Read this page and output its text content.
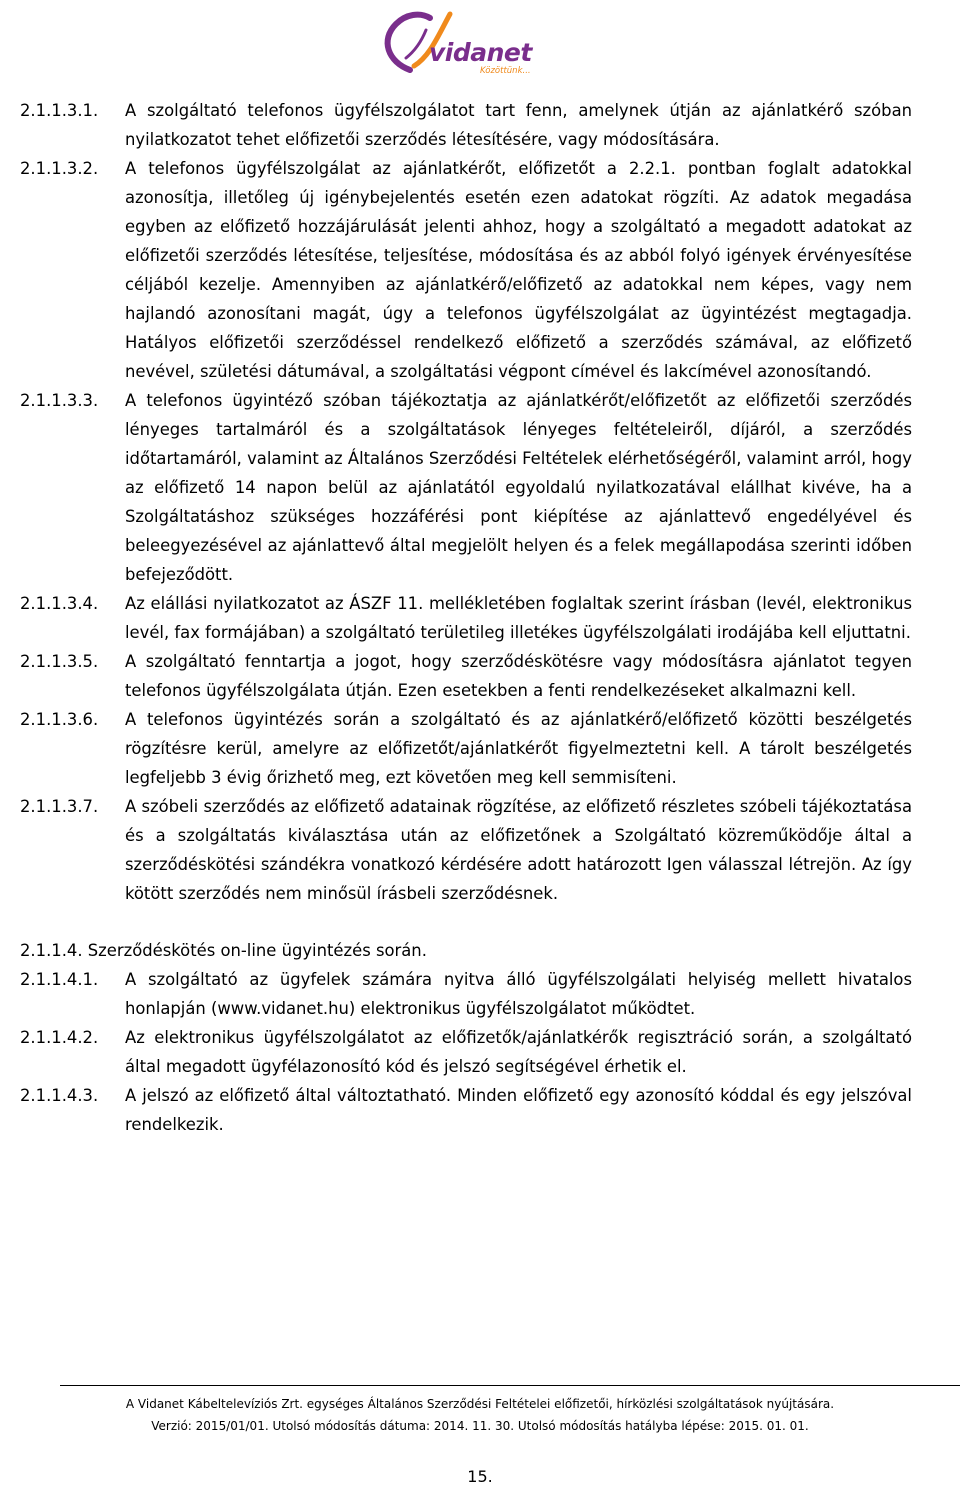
vidanet
Közöttünk...
2.1.1.3.1.	A szolgáltató telefonos ügyfélszolgálatot tart fenn, amelynek útján az ajánlatkérő szóban nyilatkozatot tehet előfizetői szerződés létesítésére, vagy módosítására.
2.1.1.3.2.	A telefonos ügyfélszolgálat az ajánlatkérőt, előfizetőt a 2.2.1. pontban foglalt adatokkal azonosítja, illetőleg új igénybejelentés esetén ezen adatokat rögzíti. Az adatok megadása egyben az előfizető hozzájárulását jelenti ahhoz, hogy a szolgáltató a megadott adatokat az előfizetői szerződés létesítése, teljesítése, módosítása és az abból folyó igények érvényesítése céljából kezelje. Amennyiben az ajánlatkérő/előfizető az adatokkal nem képes, vagy nem hajlandó azonosítani magát, úgy a telefonos ügyfélszolgálat az ügyintézést megtagadja. Hatályos előfizetői szerződéssel rendelkező előfizető a szerződés számával, az előfizető nevével, születési dátumával, a szolgáltatási végpont címével és lakcímével azonosítandó.
2.1.1.3.3.	A telefonos ügyintéző szóban tájékoztatja az ajánlatkérőt/előfizetőt az előfizetői szerződés lényeges tartalmáról és a szolgáltatások lényeges feltételeiről, díjáról, a szerződés időtartamáról, valamint az Általános Szerződési Feltételek elérhetőségéről, valamint arról, hogy az előfizető 14 napon belül az ajánlatától egyoldalú nyilatkozatával elállhat kivéve, ha a Szolgáltatáshoz szükséges hozzáférési pont kiépítése az ajánlattevő engedélyével és beleegyezésével az ajánlattevő által megjelölt helyen és a felek megállapodása szerinti időben befejeződött.
2.1.1.3.4.	Az elállási nyilatkozatot az ÁSZF 11. mellékletében foglaltak szerint írásban (levél, elektronikus levél, fax formájában) a szolgáltató területileg illetékes ügyfélszolgálati irodájába kell eljuttatni.
2.1.1.3.5.	A szolgáltató fenntartja a jogot, hogy szerződéskötésre vagy módosításra ajánlatot tegyen telefonos ügyfélszolgálata útján. Ezen esetekben a fenti rendelkezéseket alkalmazni kell.
2.1.1.3.6.	A telefonos ügyintézés során a szolgáltató és az ajánlatkérő/előfizető közötti beszélgetés rögzítésre kerül, amelyre az előfizetőt/ajánlatkérőt figyelmeztetni kell. A tárolt beszélgetés legfeljebb 3 évig őrizhető meg, ezt követően meg kell semmisíteni.
2.1.1.3.7.	A szóbeli szerződés az előfizető adatainak rögzítése, az előfizető részletes szóbeli tájékoztatása és a szolgáltatás kiválasztása után az előfizetőnek a Szolgáltató közreműködője által a szerződéskötési szándékra vonatkozó kérdésére adott határozott Igen válasszal létrejön. Az így kötött szerződés nem minősül írásbeli szerződésnek.
2.1.1.4. Szerződéskötés on-line ügyintézés során.
2.1.1.4.1.	A szolgáltató az ügyfelek számára nyitva álló ügyfélszolgálati helyiség mellett hivatalos honlapján (www.vidanet.hu) elektronikus ügyfélszolgálatot működtet.
2.1.1.4.2.	Az elektronikus ügyfélszolgálatot az előfizetők/ajánlatkérők regisztráció során, a szolgáltató által megadott ügyfélazonosító kód és jelszó segítségével érhetik el.
2.1.1.4.3.	A jelszó az előfizető által változtatható. Minden előfizető egy azonosító kóddal és egy jelszóval rendelkezik.
A Vidanet Kábeltelevíziós Zrt. egységes Általános Szerződési Feltételei előfizetői, hírközlési szolgáltatások nyújtására.
Verzió: 2015/01/01. Utolsó módosítás dátuma: 2014. 11. 30. Utolsó módosítás hatályba lépése: 2015. 01. 01.
15.
